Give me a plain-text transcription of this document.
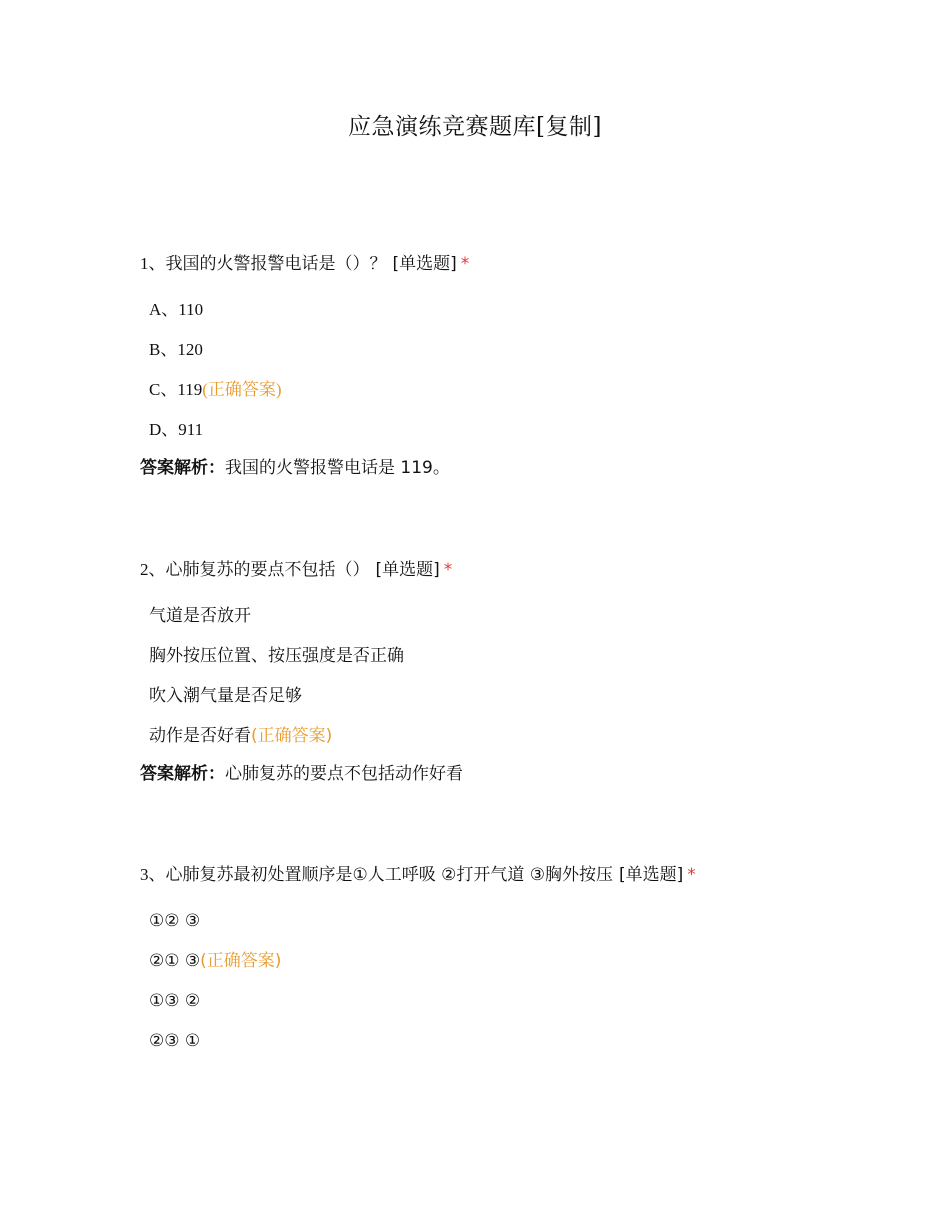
应急演练竞赛题库[复制]
1、我国的火警报警电话是（）？ [单选题] *
A、110
B、120
C、119(正确答案)
D、911
答案解析：我国的火警报警电话是 119。
2、心肺复苏的要点不包括（） [单选题] *
气道是否放开
胸外按压位置、按压强度是否正确
吹入潮气量是否足够
动作是否好看(正确答案)
答案解析：心肺复苏的要点不包括动作好看
3、心肺复苏最初处置顺序是①人工呼吸 ②打开气道 ③胸外按压 [单选题] *
①② ③
②① ③(正确答案)
①③ ②
②③ ①
